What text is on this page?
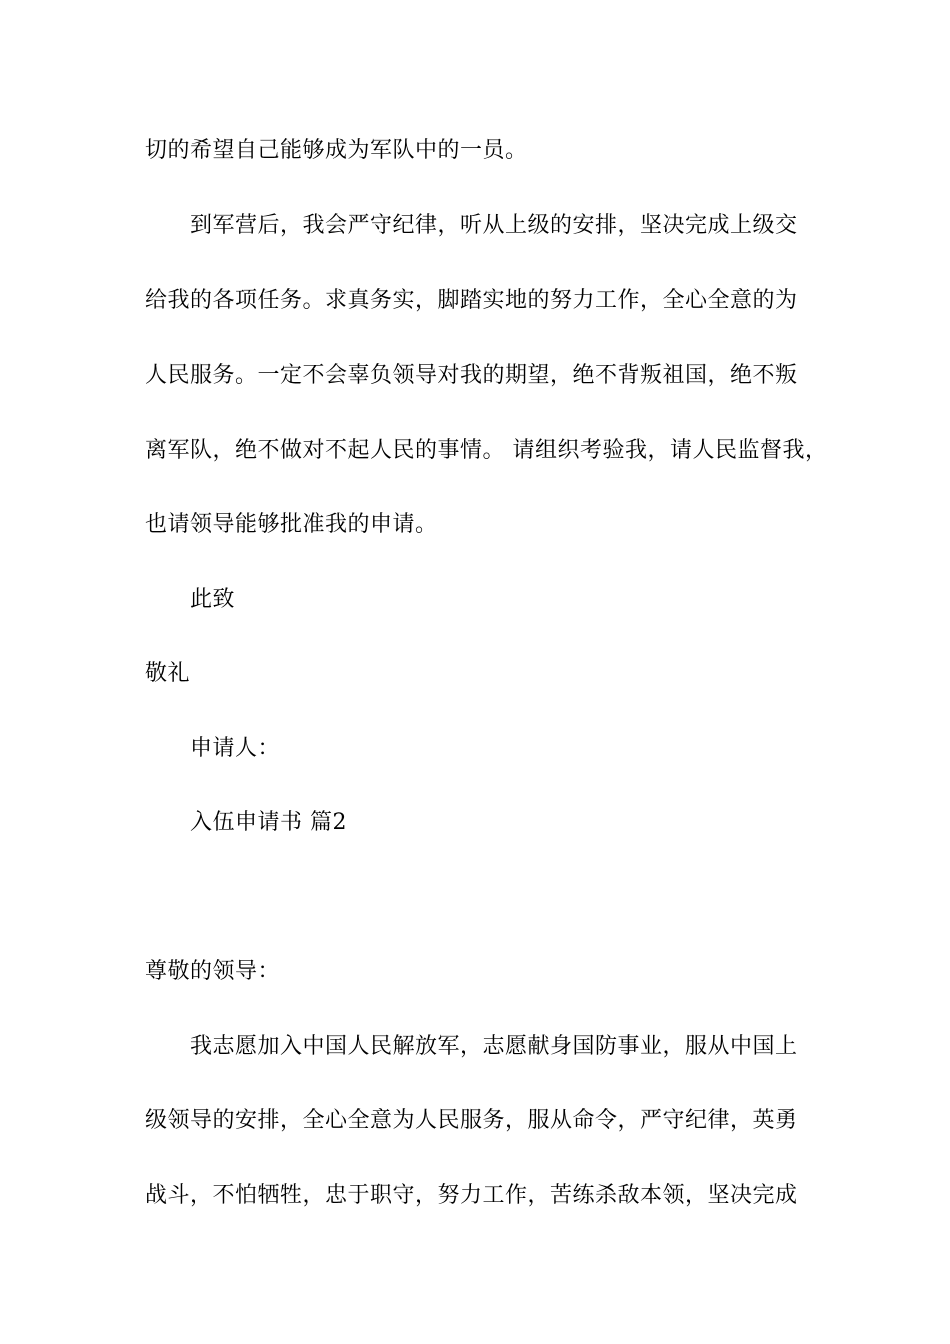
切的希望自己能够成为军队中的一员。
到军营后，我会严守纪律，听从上级的安排，坚决完成上级交
给我的各项任务。求真务实，脚踏实地的努力工作，全心全意的为
人民服务。一定不会辜负领导对我的期望，绝不背叛祖国，绝不叛
离军队，绝不做对不起人民的事情。 请组织考验我，请人民监督我，
也请领导能够批准我的申请。
此致
敬礼
申请人：
入伍申请书 篇2
尊敬的领导：
我志愿加入中国人民解放军，志愿献身国防事业，服从中国上
级领导的安排，全心全意为人民服务，服从命令，严守纪律，英勇
战斗，不怕牺牲，忠于职守，努力工作，苦练杀敌本领，坚决完成
